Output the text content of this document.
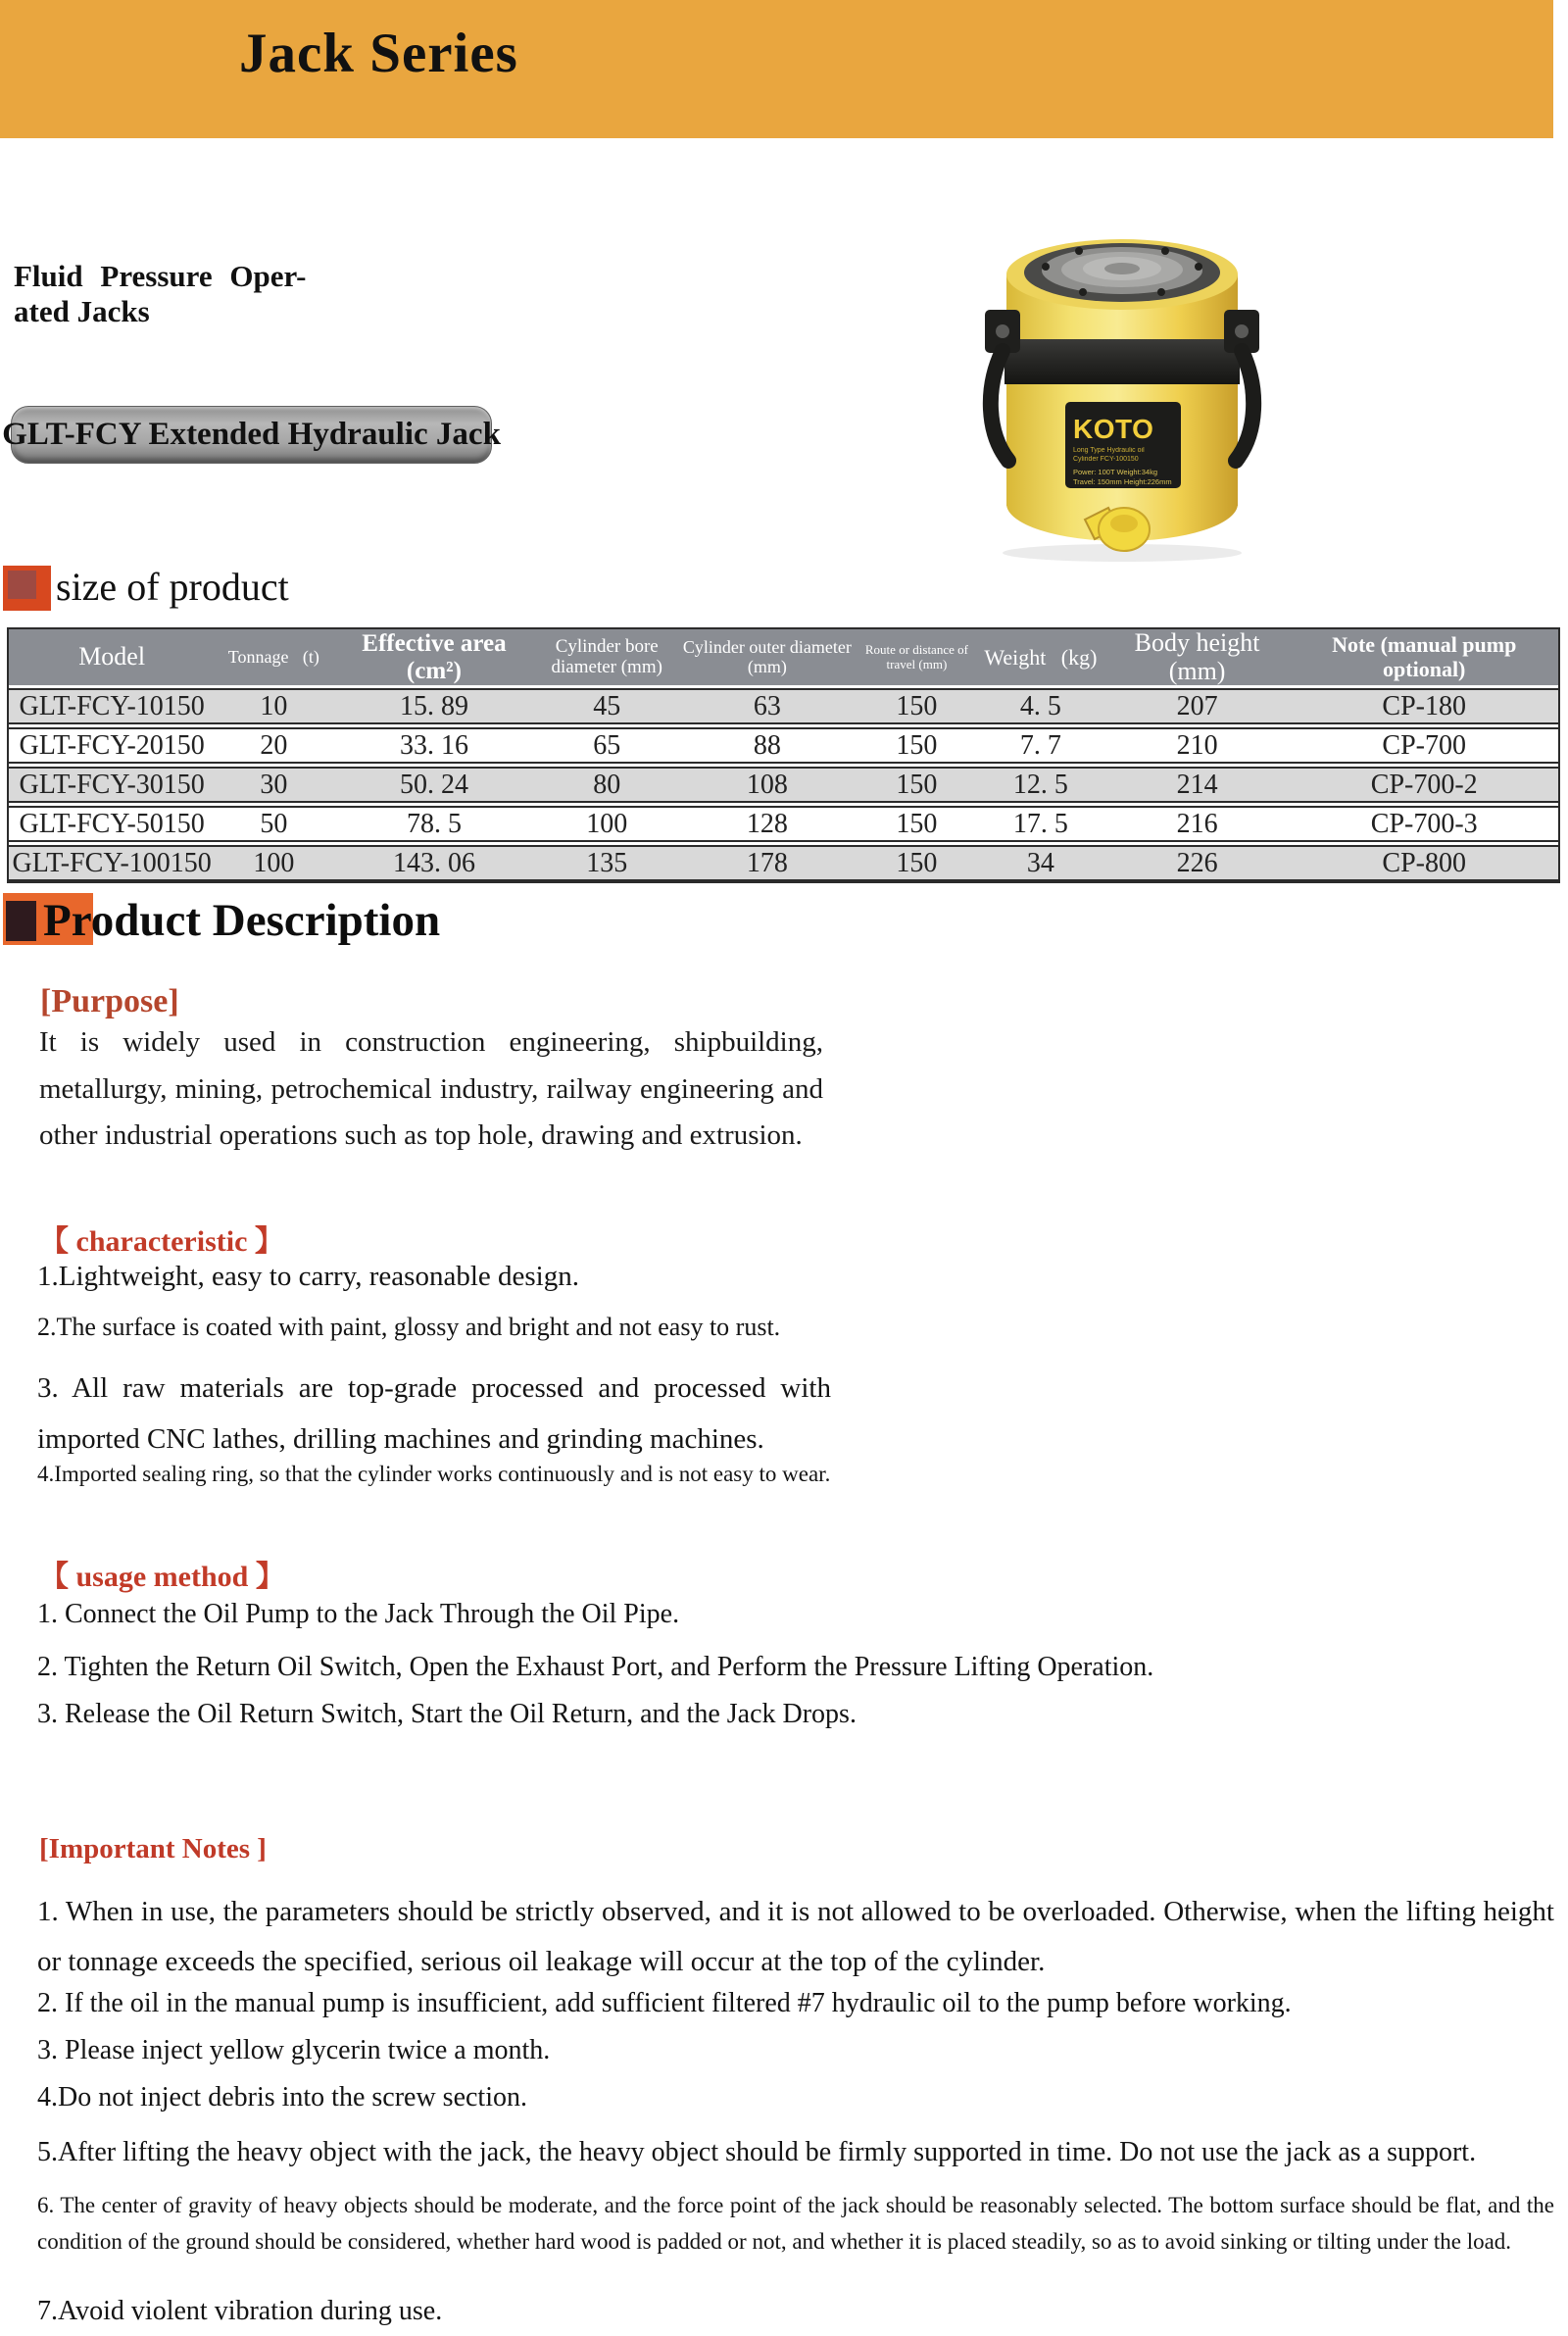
Jack Series
Fluid Pressure Oper-
ated Jacks
GLT-FCY Extended Hydraulic Jack	KOTO
Long Type Hydraulic oil
Cylinder FCY-100150
Power: 100T Weight:34kg
Travel: 150mm Height:226mm
size of product
Model	Tonnage (t)	Effective area (cm²)	Cylinder bore diameter (mm)	Cylinder outer diameter (mm)	Route or distance of travel (mm)	Weight (kg)	Body height (mm)	Note (manual pump optional)
GLT-FCY-10150	10	15. 89	45	63	150	4. 5	207	CP-180
GLT-FCY-20150	20	33. 16	65	88	150	7. 7	210	CP-700
GLT-FCY-30150	30	50. 24	80	108	150	12. 5	214	CP-700-2
GLT-FCY-50150	50	78. 5	100	128	150	17. 5	216	CP-700-3
GLT-FCY-100150	100	143. 06	135	178	150	34	226	CP-800
Product Description
[Purpose]
It is widely used in construction engineering, shipbuilding, metallurgy, mining, petrochemical industry, railway engineering and other industrial operations such as top hole, drawing and extrusion.
【 characteristic 】
1.Lightweight, easy to carry, reasonable design.
2.The surface is coated with paint, glossy and bright and not easy to rust.
3. All raw materials are top-grade processed and processed with imported CNC lathes, drilling machines and grinding machines.
4.Imported sealing ring, so that the cylinder works continuously and is not easy to wear.
【 usage method 】
1. Connect the Oil Pump to the Jack Through the Oil Pipe.
2. Tighten the Return Oil Switch, Open the Exhaust Port, and Perform the Pressure Lifting Operation.
3. Release the Oil Return Switch, Start the Oil Return, and the Jack Drops.
[Important Notes ]
1. When in use, the parameters should be strictly observed, and it is not allowed to be overloaded. Otherwise, when the lifting height or tonnage exceeds the specified, serious oil leakage will occur at the top of the cylinder.
2. If the oil in the manual pump is insufficient, add sufficient filtered #7 hydraulic oil to the pump before working.
3. Please inject yellow glycerin twice a month.
4.Do not inject debris into the screw section.
5.After lifting the heavy object with the jack, the heavy object should be firmly supported in time. Do not use the jack as a support.
6. The center of gravity of heavy objects should be moderate, and the force point of the jack should be reasonably selected. The bottom surface should be flat, and the condition of the ground should be considered, whether hard wood is padded or not, and whether it is placed steadily, so as to avoid sinking or tilting under the load.
7.Avoid violent vibration during use.
